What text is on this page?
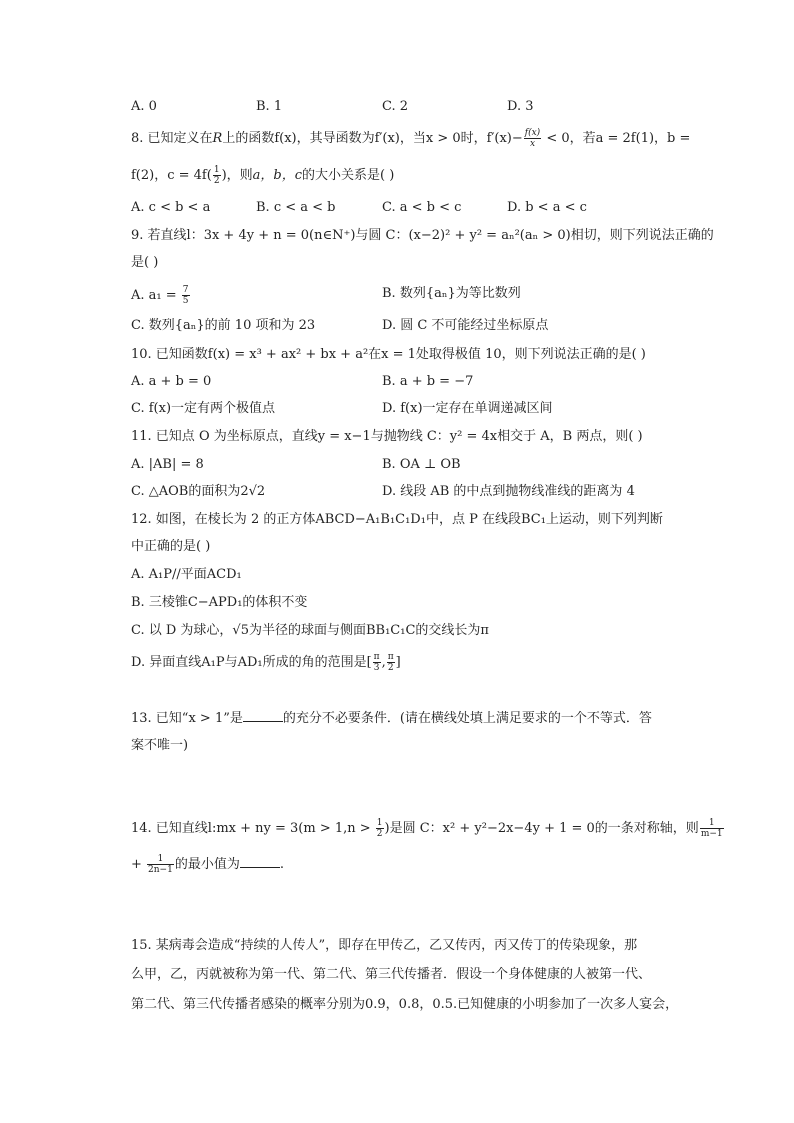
A. 0	B. 1	C. 2	D. 3
8. 已知定义在R上的函数f(x)，其导函数为f′(x)，当x > 0时，$f'(x)- \frac{f(x)}{x} < 0$，若a = 2f(1)，b =
f(2)，$c = 4f( \frac{1}{2}$ )，则a，b，c的大小关系是( )
A. c < b < a	B. c < a < b	C. a < b < c	D. b < a < c
9. 若直线l：3x + 4y + n = 0(n∈N⁺)与圆 C：(x−2)² + y² = aₙ²(aₙ > 0)相切，则下列说法正确的
是( )
A. $a_1 = \frac{7}{5}$	B. 数列{aₙ}为等比数列
C. 数列{aₙ}的前 10 项和为 23	D. 圆 C 不可能经过坐标原点
10. 已知函数f(x) = x³ + ax² + bx + a²在x = 1处取得极值 10，则下列说法正确的是( )
A. a + b = 0	B. a + b = −7
C. f(x)一定有两个极值点	D. f(x)一定存在单调递减区间
11. 已知点 O 为坐标原点，直线y = x−1与抛物线 C：y² = 4x相交于 A，B 两点，则( )
A. |AB| = 8	B. OA ⊥ OB
C. △AOB的面积为2√2	D. 线段 AB 的中点到抛物线准线的距离为 4
12. 如图，在棱长为 2 的正方体ABCD−A₁B₁C₁D₁中，点 P 在线段BC₁上运动，则下列判断
中正确的是( )
A. A₁P//平面ACD₁
B. 三棱锥C−APD₁的体积不变
C. 以 D 为球心，√5为半径的球面与侧面BB₁C₁C的交线长为π
D. 异面直线A₁P与AD₁所成的角的范围是[ $\frac{\pi}{3}$ , $\frac{\pi}{2}$ ]
13. 已知“x > 1”是	的充分不必要条件．(请在横线处填上满足要求的一个不等式．答
案不唯一)
14. 已知直线l:mx + ny = $3(m > 1,n > \frac{1}{2}$ )是圆 C：x² + y²−2x−4y + 1 = 0的一条对称轴，则 $\frac{1}{m-1}$
+ $\frac{1}{2n-1}$ 的最小值为	.
15. 某病毒会造成“持续的人传人”，即存在甲传乙，乙又传丙，丙又传丁的传染现象，那
么甲，乙，丙就被称为第一代、第二代、第三代传播者．假设一个身体健康的人被第一代、
第二代、第三代传播者感染的概率分别为0.9，0.8，0.5.已知健康的小明参加了一次多人宴会，
